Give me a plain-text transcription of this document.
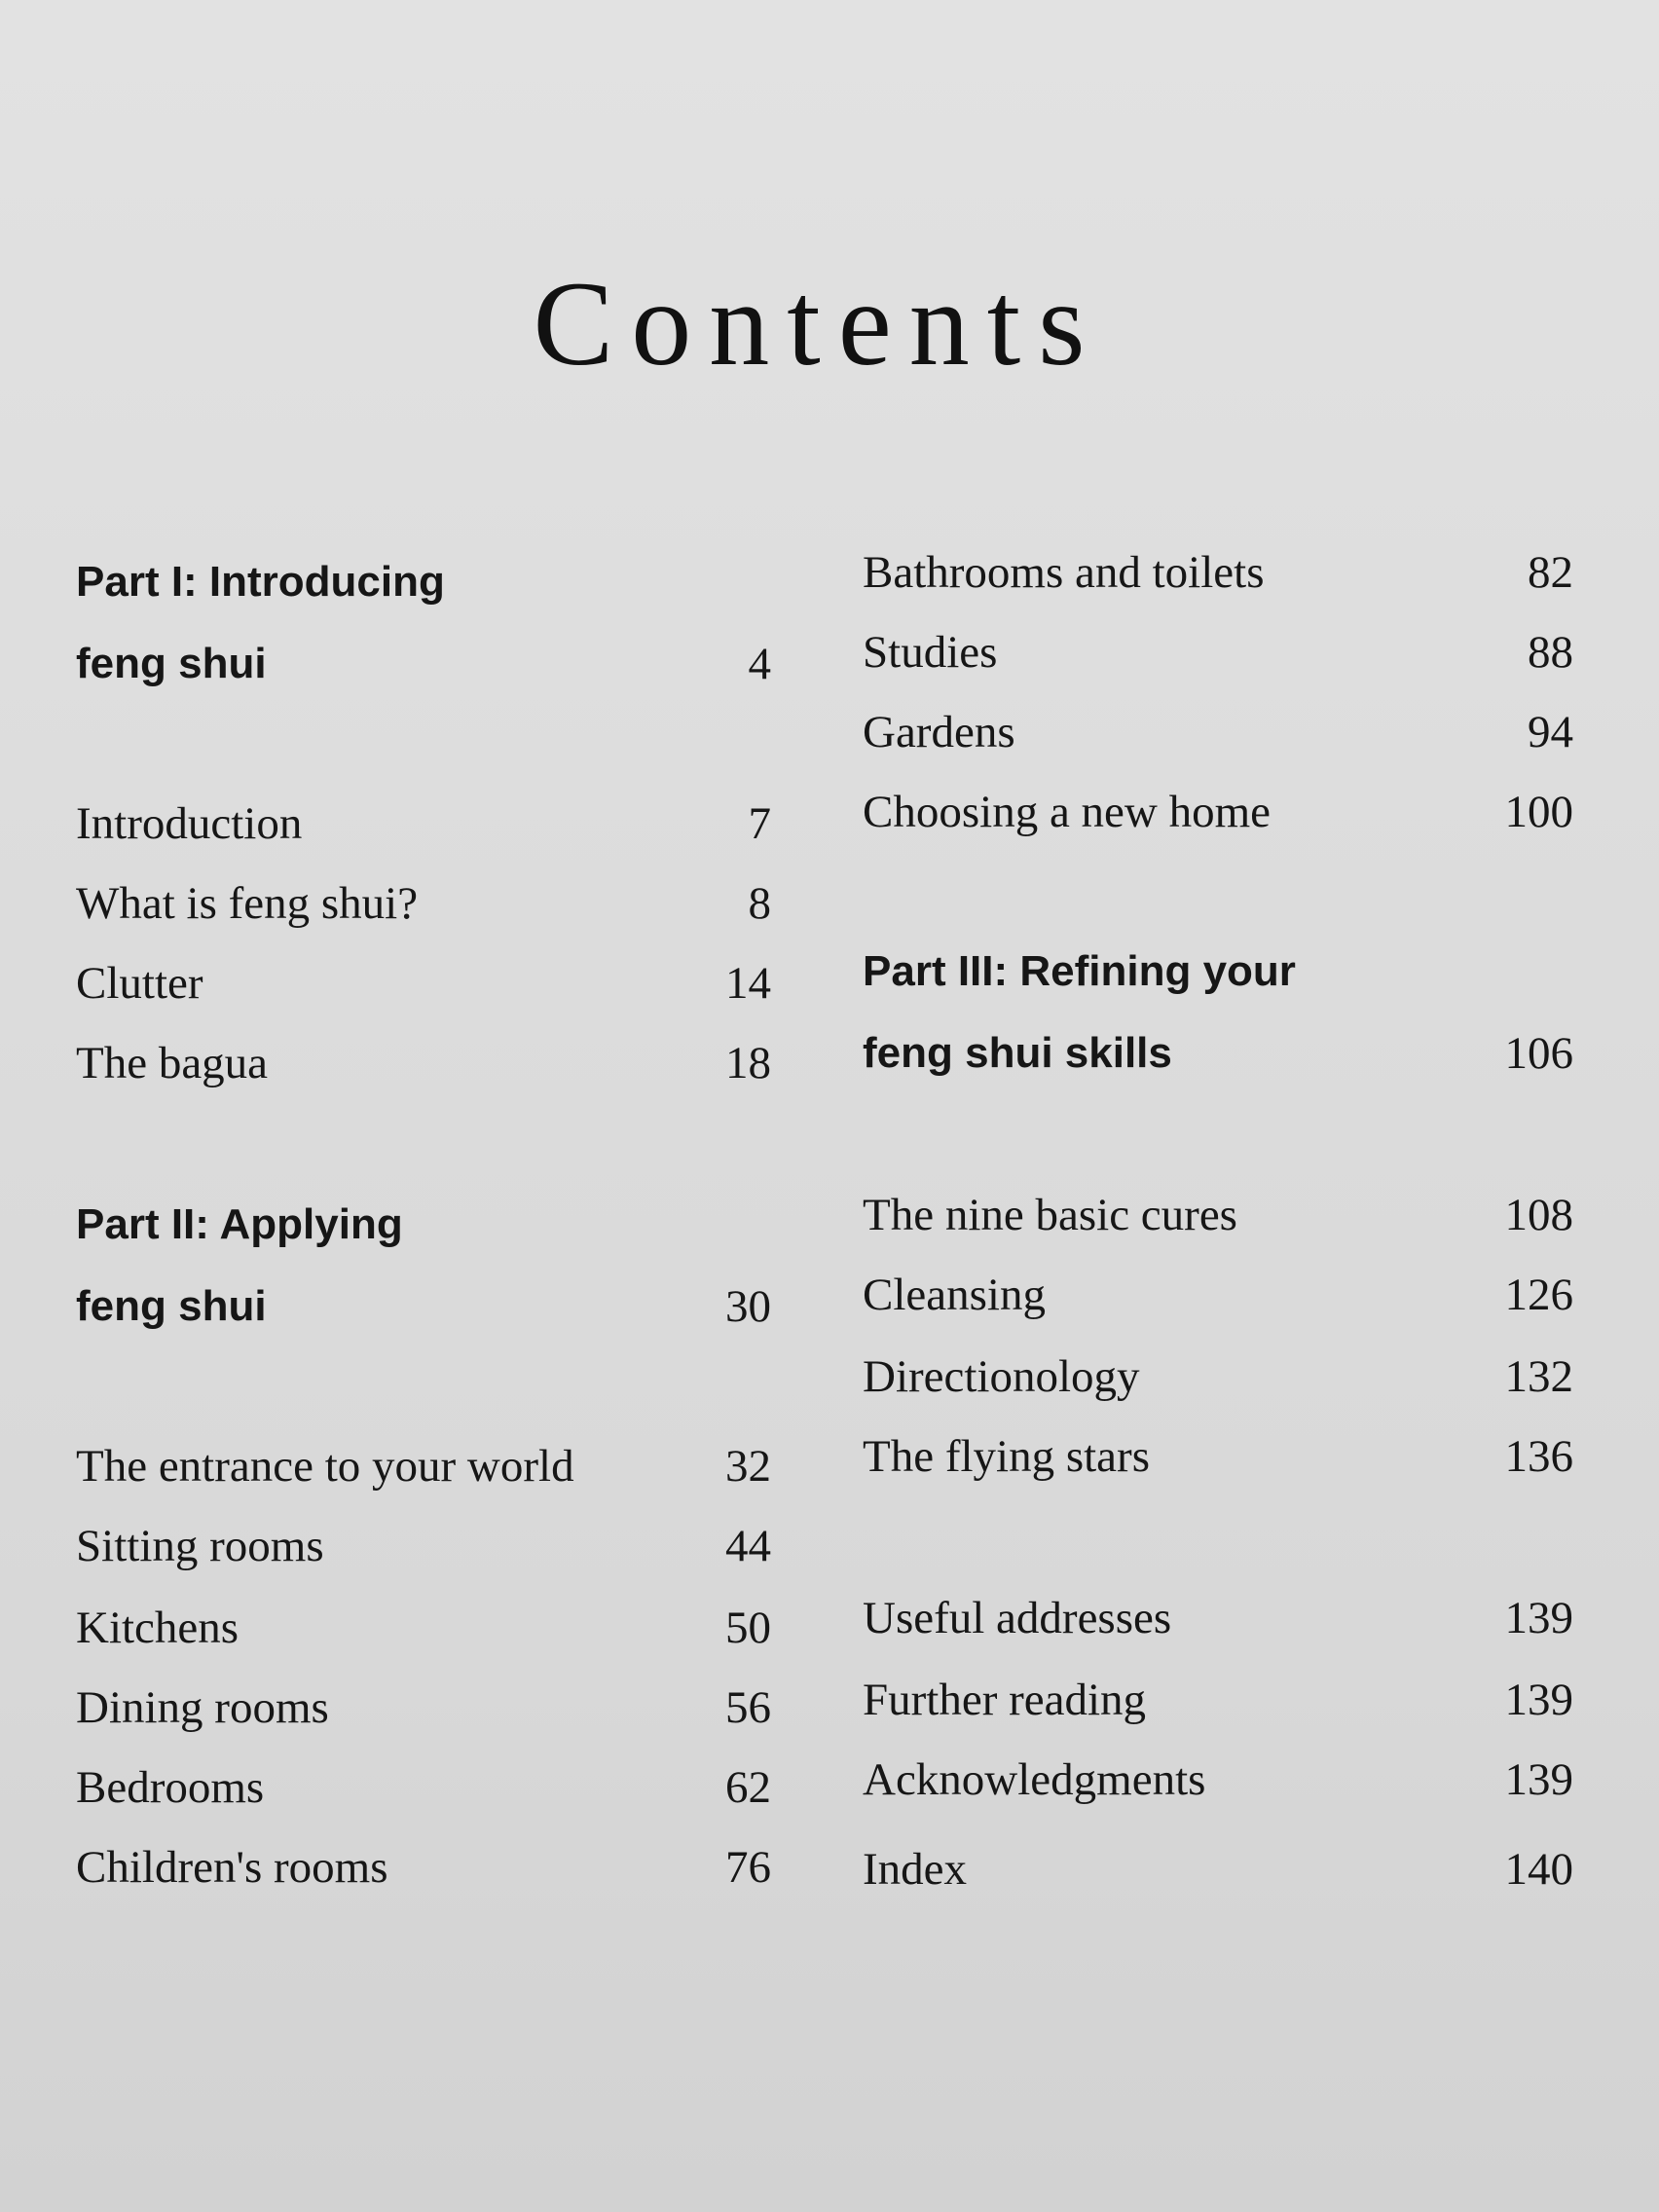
Contents
Part I: Introducing
feng shui	4
Introduction	7
What is feng shui?	8
Clutter	14
The bagua	18
Part II: Applying
feng shui	30
The entrance to your world	32
Sitting rooms	44
Kitchens	50
Dining rooms	56
Bedrooms	62
Children's rooms	76
Bathrooms and toilets	82
Studies	88
Gardens	94
Choosing a new home	100
Part III: Refining your
feng shui skills	106
The nine basic cures	108
Cleansing	126
Directionology	132
The flying stars	136
Useful addresses	139
Further reading	139
Acknowledgments	139
Index	140
